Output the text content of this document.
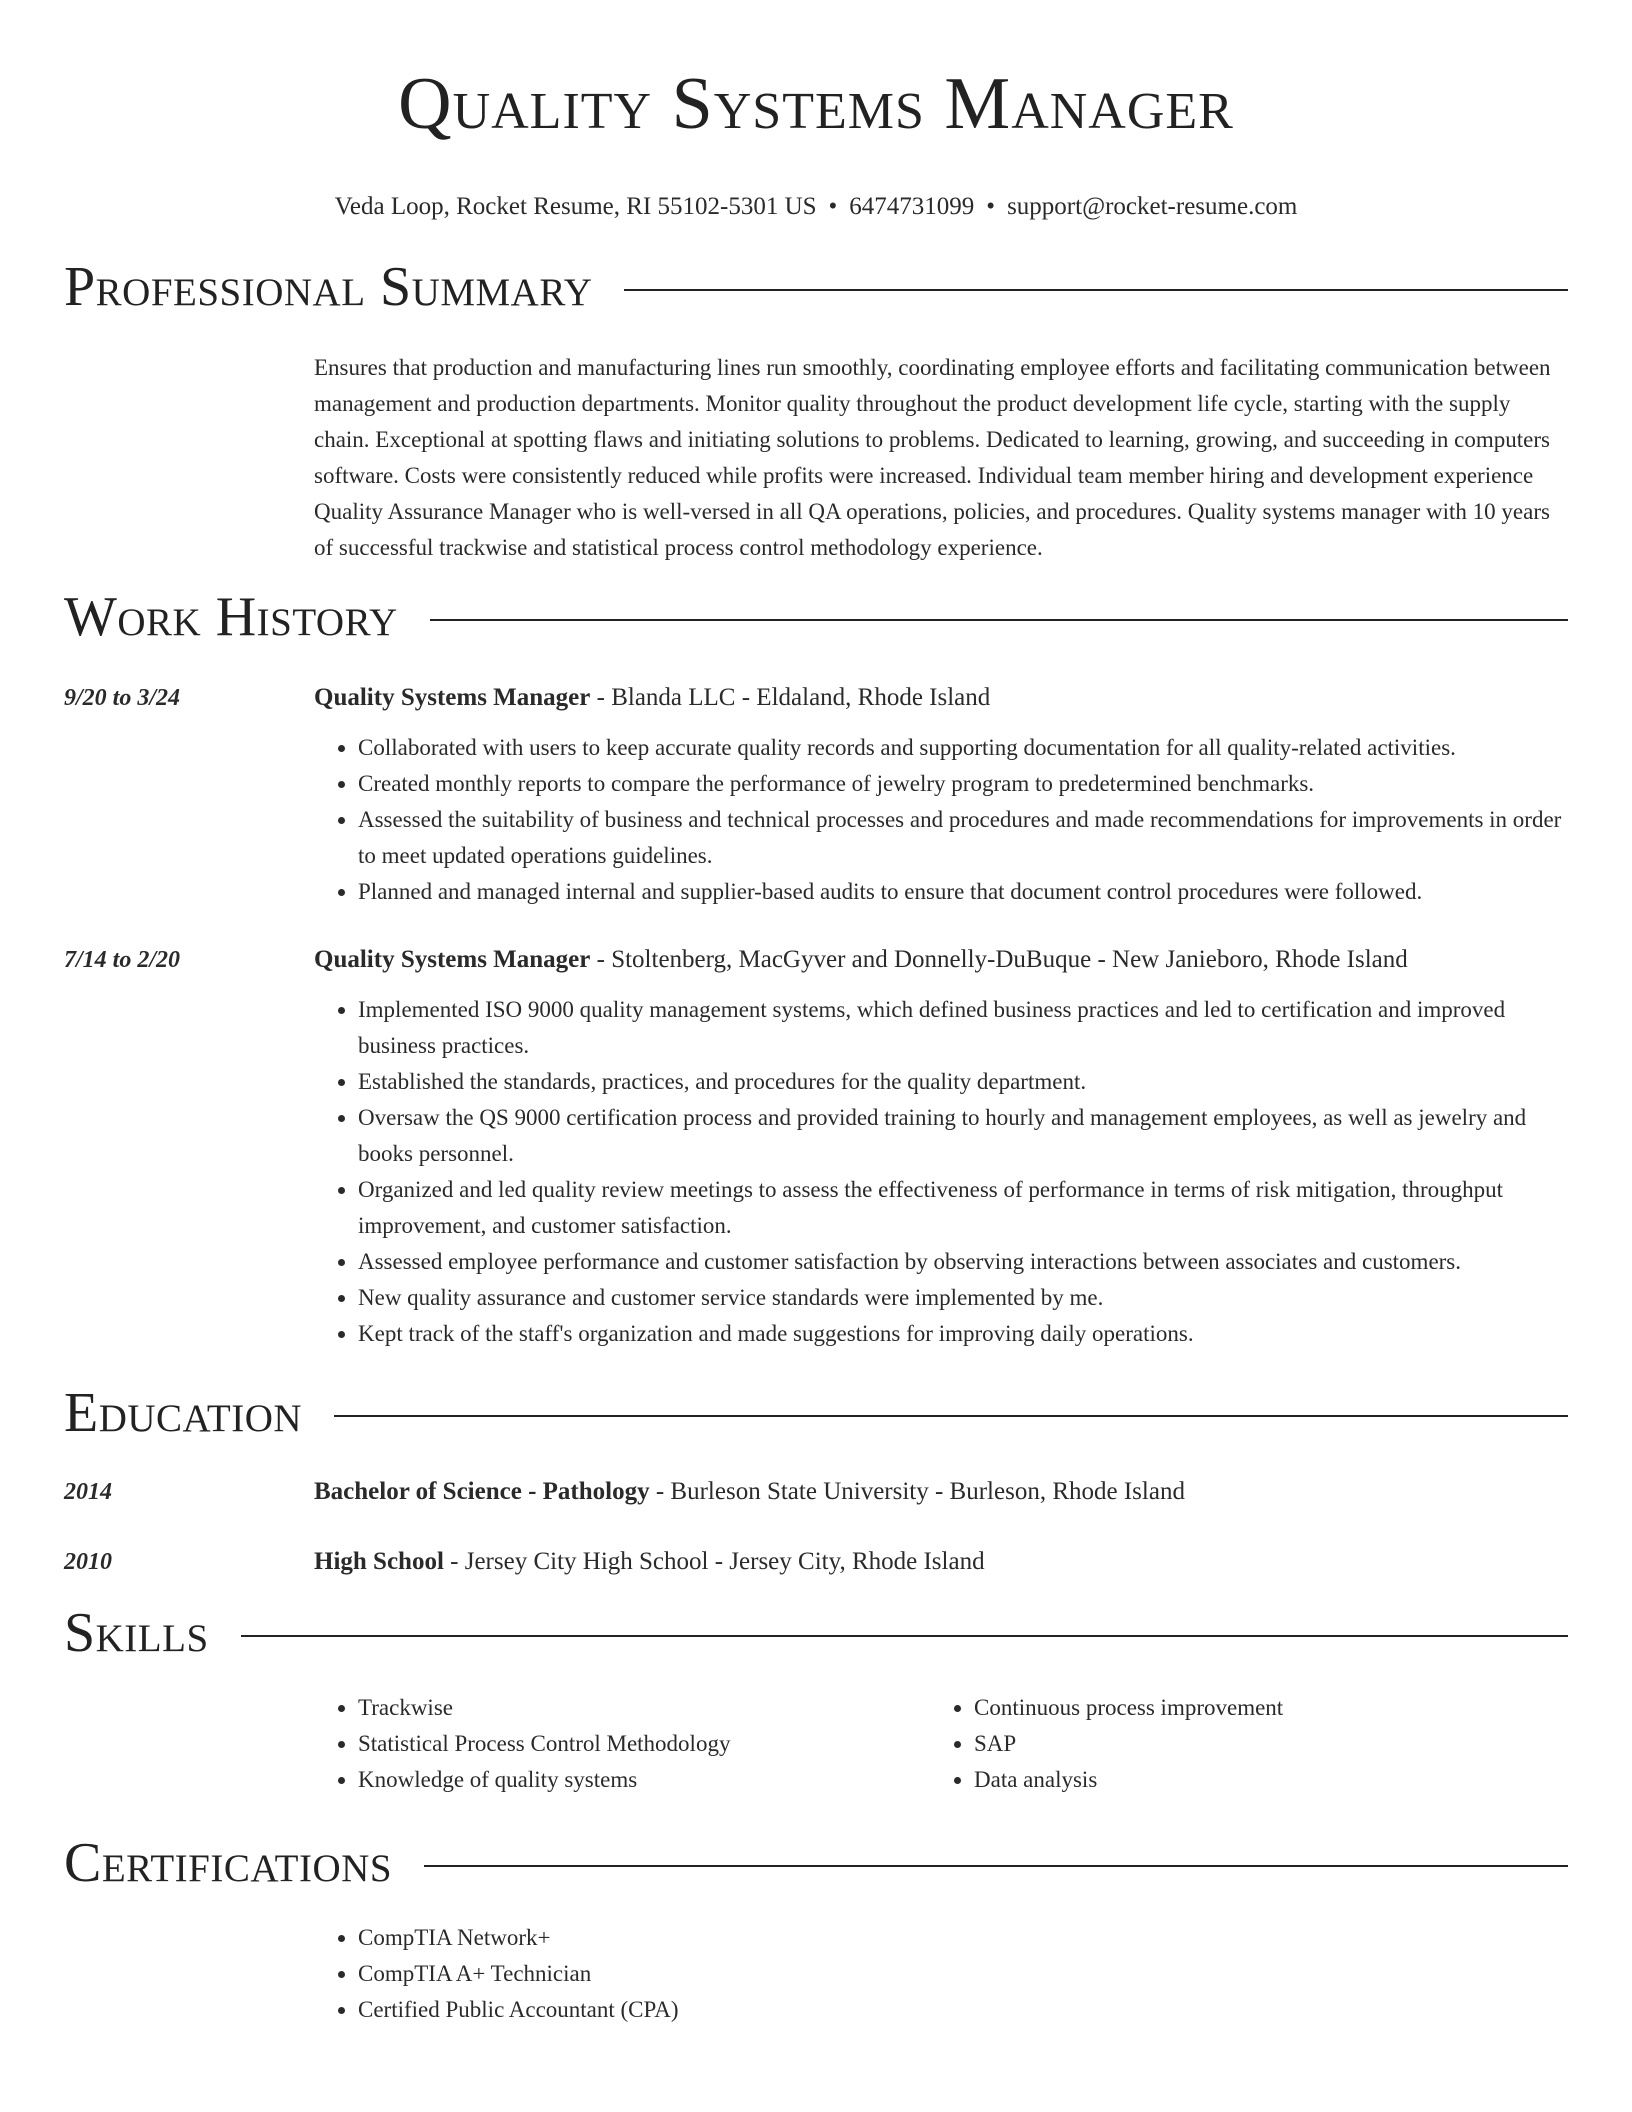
Quality Systems Manager
Veda Loop, Rocket Resume, RI 55102-5301 US • 6474731099 • support@rocket-resume.com
Professional Summary
Ensures that production and manufacturing lines run smoothly, coordinating employee efforts and facilitating communication between management and production departments. Monitor quality throughout the product development life cycle, starting with the supply chain. Exceptional at spotting flaws and initiating solutions to problems. Dedicated to learning, growing, and succeeding in computers software. Costs were consistently reduced while profits were increased. Individual team member hiring and development experience Quality Assurance Manager who is well-versed in all QA operations, policies, and procedures. Quality systems manager with 10 years of successful trackwise and statistical process control methodology experience.
Work History
9/20 to 3/24	Quality Systems Manager - Blanda LLC - Eldaland, Rhode Island
• Collaborated with users to keep accurate quality records and supporting documentation for all quality-related activities.
• Created monthly reports to compare the performance of jewelry program to predetermined benchmarks.
• Assessed the suitability of business and technical processes and procedures and made recommendations for improvements in order to meet updated operations guidelines.
• Planned and managed internal and supplier-based audits to ensure that document control procedures were followed.
7/14 to 2/20	Quality Systems Manager - Stoltenberg, MacGyver and Donnelly-DuBuque - New Janieboro, Rhode Island
• Implemented ISO 9000 quality management systems, which defined business practices and led to certification and improved business practices.
• Established the standards, practices, and procedures for the quality department.
• Oversaw the QS 9000 certification process and provided training to hourly and management employees, as well as jewelry and books personnel.
• Organized and led quality review meetings to assess the effectiveness of performance in terms of risk mitigation, throughput improvement, and customer satisfaction.
• Assessed employee performance and customer satisfaction by observing interactions between associates and customers.
• New quality assurance and customer service standards were implemented by me.
• Kept track of the staff's organization and made suggestions for improving daily operations.
Education
2014	Bachelor of Science - Pathology - Burleson State University - Burleson, Rhode Island
2010	High School - Jersey City High School - Jersey City, Rhode Island
Skills
• Trackwise
• Statistical Process Control Methodology
• Knowledge of quality systems
• Continuous process improvement
• SAP
• Data analysis
Certifications
• CompTIA Network+
• CompTIA A+ Technician
• Certified Public Accountant (CPA)
